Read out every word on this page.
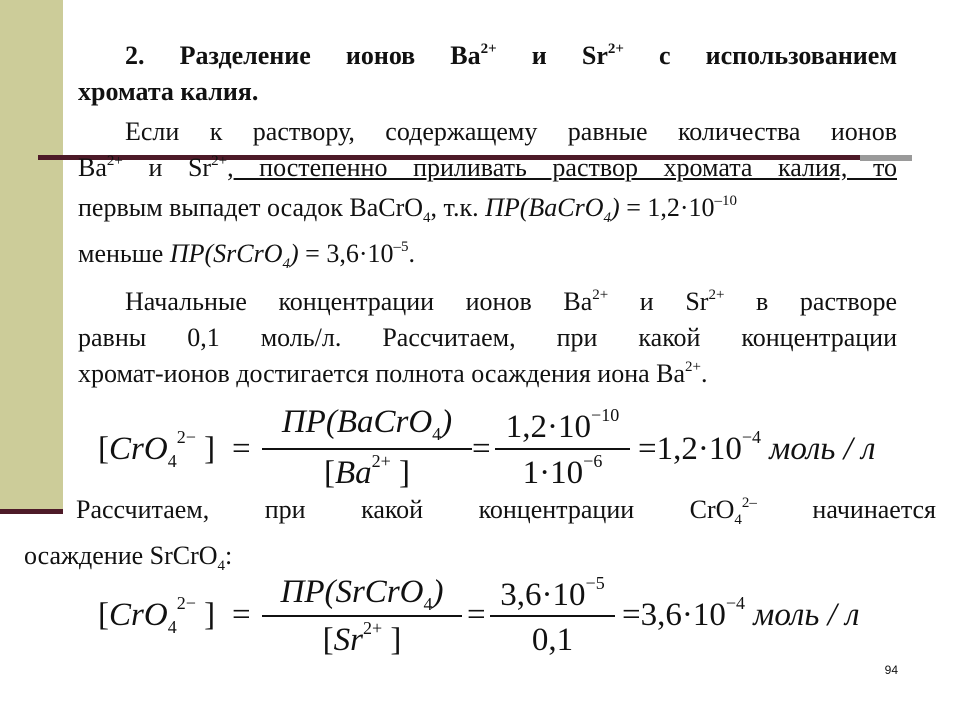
2. Разделение ионов $Ba^{2+}$ и $Sr^{2+}$ с использованием
хромата калия.
Если к раствору, содержащему равные количества ионов
$Ba^{2+}$ и $Sr^{2+}$, постепенно приливать раствор хромата калия, то
первым выпадет осадок BaCrO$_4$, т.к. ПР(BaCrO$_4$) = $1,2\cdot 10^{-10}$
меньше ПР(SrCrO$_4$) = $3,6\cdot 10^{-5}$.
Начальные концентрации ионов $Ba^{2+}$ и $Sr^{2+}$ в растворе
равны 0,1 моль/л. Рассчитаем, при какой концентрации
хромат-ионов достигается полнота осаждения иона $Ba^{2+}$.
[CrO$_4^{2-}$ ] =
ПР(BaCrO$_4$)
[$Ba^{2+}$ ]
=
$1,2\cdot 10^{-10}$
$1\cdot 10^{-6}$	$=1,2\cdot 10^{-4}$ моль / л
Рассчитаем, при какой концентрации CrO$_4^{2-}$ начинается
осаждение SrCrO$_4$:
[CrO$_4^{2-}$ ] =
ПР(SrCrO$_4$)
[$Sr^{2+}$ ]
=
$3,6\cdot 10^{-5}$
0,1
$=3,6\cdot 10^{-4}$ моль / л
94
